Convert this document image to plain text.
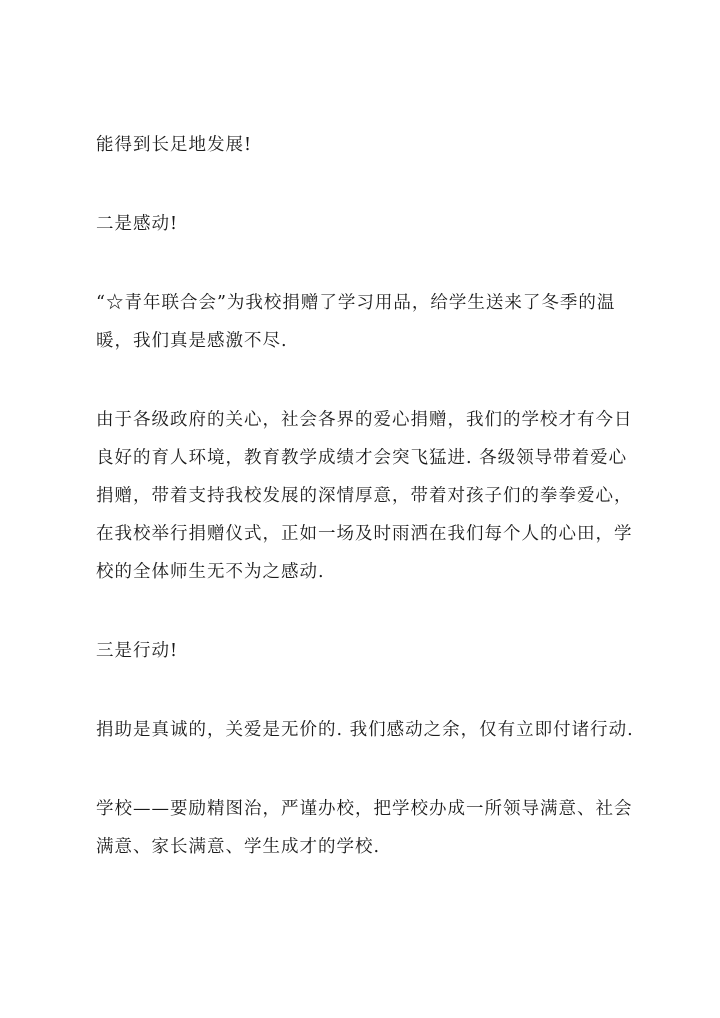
能得到长足地发展!

二是感动!

“☆青年联合会”为我校捐赠了学习用品，给学生送来了冬季的温暖，我们真是感激不尽.

由于各级政府的关心，社会各界的爱心捐赠，我们的学校才有今日良好的育人环境，教育教学成绩才会突飞猛进. 各级领导带着爱心捐赠，带着支持我校发展的深情厚意，带着对孩子们的拳拳爱心，在我校举行捐赠仪式，正如一场及时雨洒在我们每个人的心田，学校的全体师生无不为之感动.

三是行动!

捐助是真诚的，关爱是无价的. 我们感动之余，仅有立即付诸行动.

学校——要励精图治，严谨办校，把学校办成一所领导满意、社会满意、家长满意、学生成才的学校.
